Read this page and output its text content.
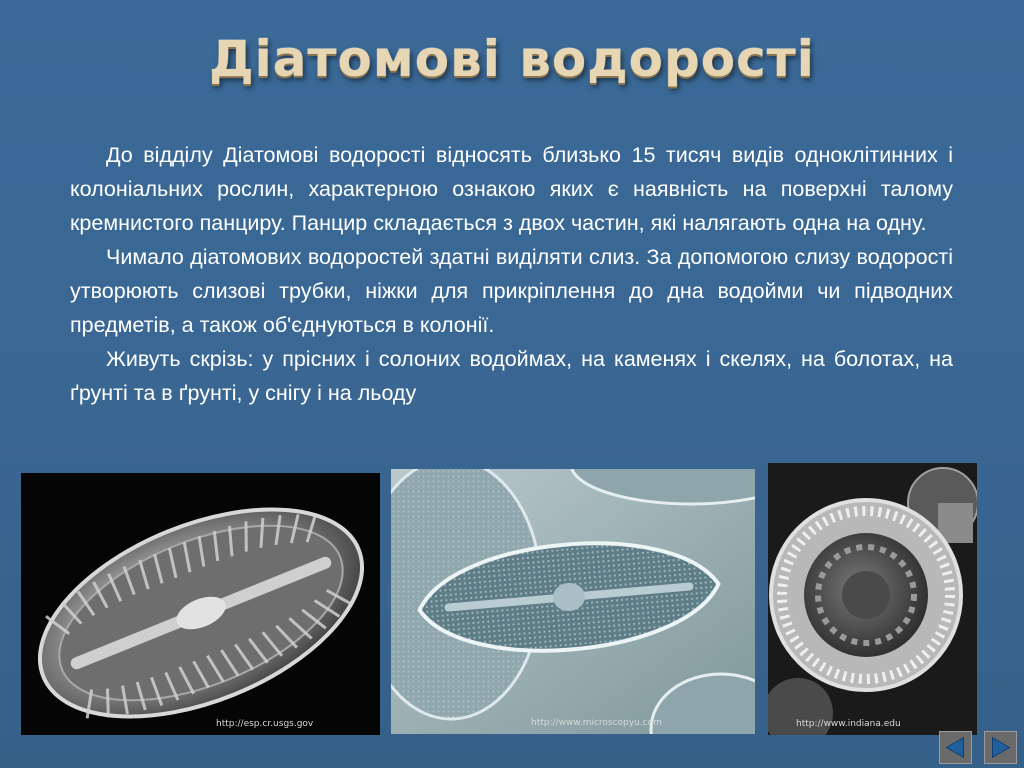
Діатомові водорості

До відділу Діатомові водорості відносять близько 15 тисяч видів одноклітинних і колоніальних рослин, характерною ознакою яких є наявність на поверхні талому кремнистого панциру. Панцир складається з двох частин, які налягають одна на одну.

Чимало діатомових водоростей здатні виділяти слиз. За допомогою слизу водорості утворюють слизові трубки, ніжки для прикріплення до дна водойми чи підводних предметів, а також об'єднуються в колонії.

Живуть скрізь: у прісних і солоних водоймах, на каменях і скелях, на болотах, на ґрунті та в ґрунті, у снігу і на льоду

http://esp.cr.usgs.gov	http://www.microscopyu.com	http://www.indiana.edu
